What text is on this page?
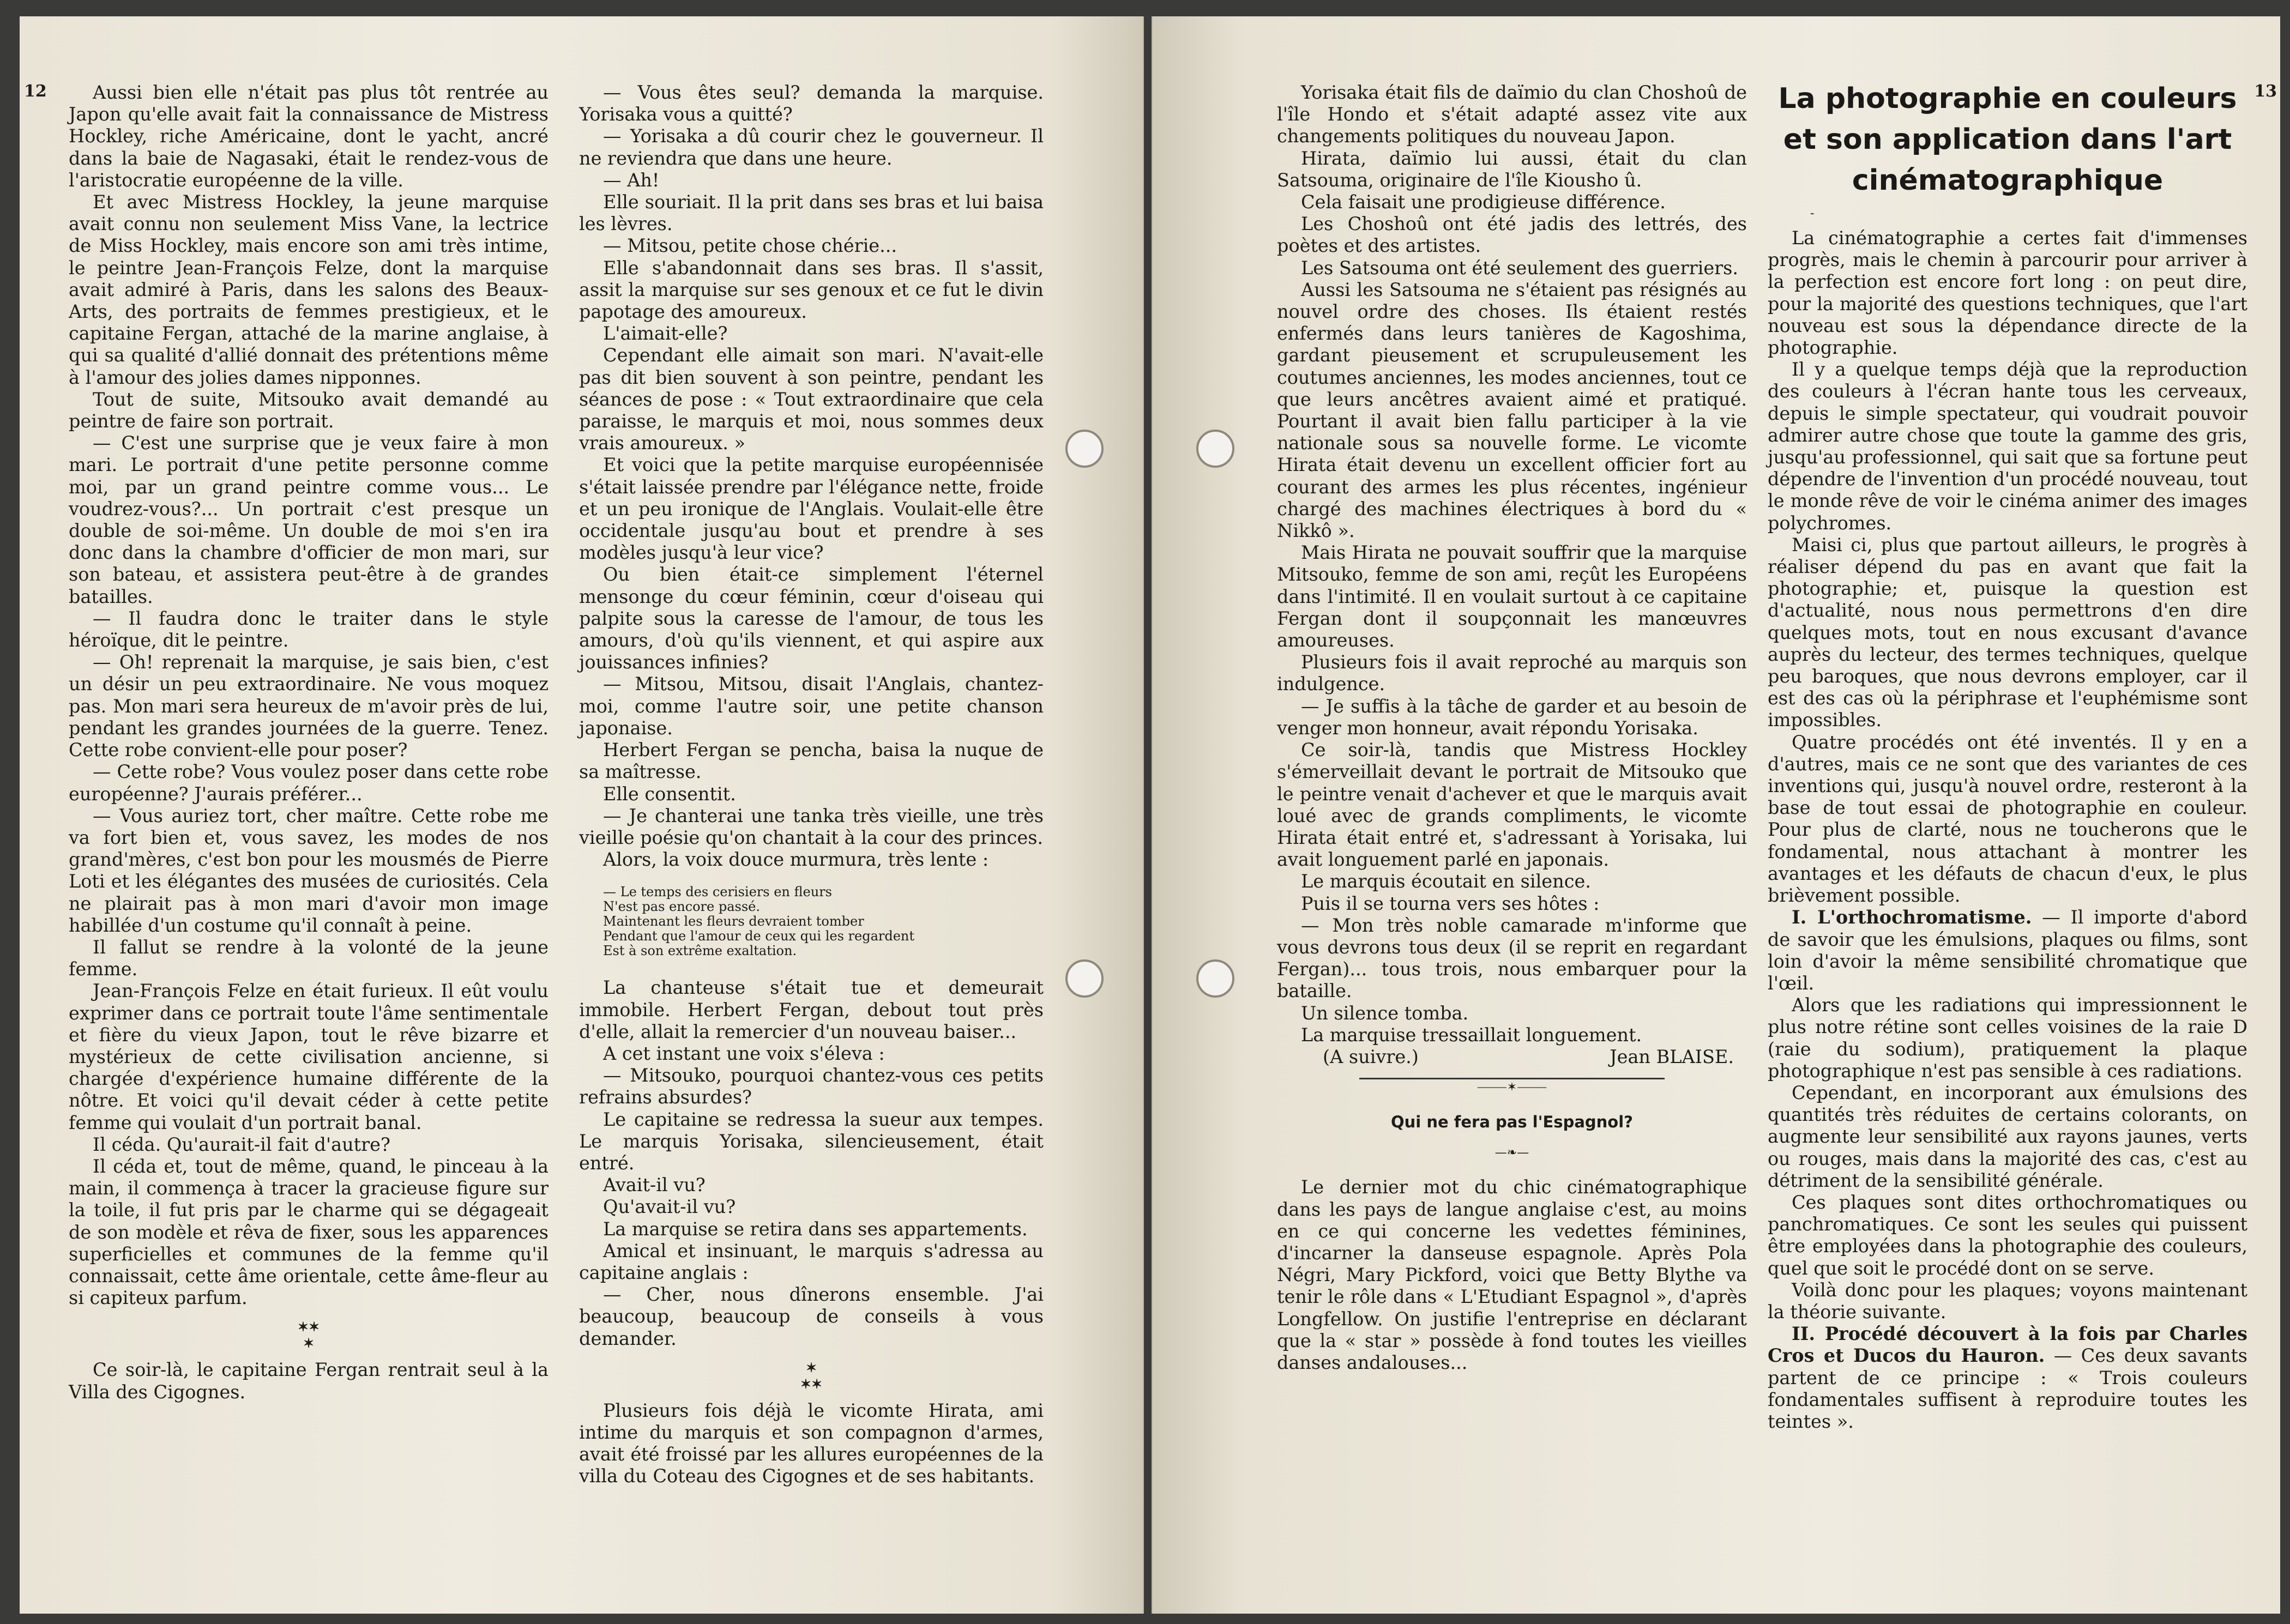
12	Aussi bien elle n'était pas plus tôt rentrée au Japon qu'elle avait fait la connaissance de Mistress Hockley, riche Américaine, dont le yacht, ancré dans la baie de Nagasaki, était le rendez-vous de l'aristocratie européenne de la ville.

Et avec Mistress Hockley, la jeune marquise avait connu non seulement Miss Vane, la lectrice de Miss Hockley, mais encore son ami très intime, le peintre Jean-François Felze, dont la marquise avait admiré à Paris, dans les salons des Beaux-Arts, des portraits de femmes prestigieux, et le capitaine Fergan, attaché de la marine anglaise, à qui sa qualité d'allié donnait des prétentions même à l'amour des jolies dames nipponnes.

Tout de suite, Mitsouko avait demandé au peintre de faire son portrait.

— C'est une surprise que je veux faire à mon mari. Le portrait d'une petite personne comme moi, par un grand peintre comme vous... Le voudrez-vous?... Un portrait c'est presque un double de soi-même. Un double de moi s'en ira donc dans la chambre d'officier de mon mari, sur son bateau, et assistera peut-être à de grandes batailles.

— Il faudra donc le traiter dans le style héroïque, dit le peintre.

— Oh! reprenait la marquise, je sais bien, c'est un désir un peu extraordinaire. Ne vous moquez pas. Mon mari sera heureux de m'avoir près de lui, pendant les grandes journées de la guerre. Tenez. Cette robe convient-elle pour poser?

— Cette robe? Vous voulez poser dans cette robe européenne? J'aurais préférer...

— Vous auriez tort, cher maître. Cette robe me va fort bien et, vous savez, les modes de nos grand'mères, c'est bon pour les mousmés de Pierre Loti et les élégantes des musées de curiosités. Cela ne plairait pas à mon mari d'avoir mon image habillée d'un costume qu'il connaît à peine.

Il fallut se rendre à la volonté de la jeune femme.

Jean-François Felze en était furieux. Il eût voulu exprimer dans ce portrait toute l'âme sentimentale et fière du vieux Japon, tout le rêve bizarre et mystérieux de cette civilisation ancienne, si chargée d'expérience humaine différente de la nôtre. Et voici qu'il devait céder à cette petite femme qui voulait d'un portrait banal.

Il céda. Qu'aurait-il fait d'autre?

Il céda et, tout de même, quand, le pinceau à la main, il commença à tracer la gracieuse figure sur la toile, il fut pris par le charme qui se dégageait de son modèle et rêva de fixer, sous les apparences superficielles et communes de la femme qu'il connaissait, cette âme orientale, cette âme-fleur au si capiteux parfum.

✶✶
✶

Ce soir-là, le capitaine Fergan rentrait seul à la Villa des Cigognes.

— Vous êtes seul? demanda la marquise. Yorisaka vous a quitté?

— Yorisaka a dû courir chez le gouverneur. Il ne reviendra que dans une heure.

— Ah!

Elle souriait. Il la prit dans ses bras et lui baisa les lèvres.

— Mitsou, petite chose chérie...

Elle s'abandonnait dans ses bras. Il s'assit, assit la marquise sur ses genoux et ce fut le divin papotage des amoureux.

L'aimait-elle?

Cependant elle aimait son mari. N'avait-elle pas dit bien souvent à son peintre, pendant les séances de pose : « Tout extraordinaire que cela paraisse, le marquis et moi, nous sommes deux vrais amoureux. »

Et voici que la petite marquise européennisée s'était laissée prendre par l'élégance nette, froide et un peu ironique de l'Anglais. Voulait-elle être occidentale jusqu'au bout et prendre à ses modèles jusqu'à leur vice?

Ou bien était-ce simplement l'éternel mensonge du cœur féminin, cœur d'oiseau qui palpite sous la caresse de l'amour, de tous les amours, d'où qu'ils viennent, et qui aspire aux jouissances infinies?

— Mitsou, Mitsou, disait l'Anglais, chantez-moi, comme l'autre soir, une petite chanson japonaise.

Herbert Fergan se pencha, baisa la nuque de sa maîtresse.

Elle consentit.

— Je chanterai une tanka très vieille, une très vieille poésie qu'on chantait à la cour des princes.

Alors, la voix douce murmura, très lente :

— Le temps des cerisiers en fleurs
N'est pas encore passé.
Maintenant les fleurs devraient tomber
Pendant que l'amour de ceux qui les regardent
Est à son extrême exaltation.

La chanteuse s'était tue et demeurait immobile. Herbert Fergan, debout tout près d'elle, allait la remercier d'un nouveau baiser...

A cet instant une voix s'éleva :

— Mitsouko, pourquoi chantez-vous ces petits refrains absurdes?

Le capitaine se redressa la sueur aux tempes. Le marquis Yorisaka, silencieusement, était entré.

Avait-il vu?

Qu'avait-il vu?

La marquise se retira dans ses appartements.

Amical et insinuant, le marquis s'adressa au capitaine anglais :

— Cher, nous dînerons ensemble. J'ai beaucoup, beaucoup de conseils à vous demander.

✶
✶✶

Plusieurs fois déjà le vicomte Hirata, ami intime du marquis et son compagnon d'armes, avait été froissé par les allures européennes de la villa du Coteau des Cigognes et de ses habitants.

13

Yorisaka était fils de daïmio du clan Choshoû de l'île Hondo et s'était adapté assez vite aux changements politiques du nouveau Japon.

Hirata, daïmio lui aussi, était du clan Satsouma, originaire de l'île Kiousho û.

Cela faisait une prodigieuse différence.

Les Choshoû ont été jadis des lettrés, des poètes et des artistes.

Les Satsouma ont été seulement des guerriers.

Aussi les Satsouma ne s'étaient pas résignés au nouvel ordre des choses. Ils étaient restés enfermés dans leurs tanières de Kagoshima, gardant pieusement et scrupuleusement les coutumes anciennes, les modes anciennes, tout ce que leurs ancêtres avaient aimé et pratiqué. Pourtant il avait bien fallu participer à la vie nationale sous sa nouvelle forme. Le vicomte Hirata était devenu un excellent officier fort au courant des armes les plus récentes, ingénieur chargé des machines électriques à bord du « Nikkô ».

Mais Hirata ne pouvait souffrir que la marquise Mitsouko, femme de son ami, reçût les Européens dans l'intimité. Il en voulait surtout à ce capitaine Fergan dont il soupçonnait les manœuvres amoureuses.

Plusieurs fois il avait reproché au marquis son indulgence.

— Je suffis à la tâche de garder et au besoin de venger mon honneur, avait répondu Yorisaka.

Ce soir-là, tandis que Mistress Hockley s'émerveillait devant le portrait de Mitsouko que le peintre venait d'achever et que le marquis avait loué avec de grands compliments, le vicomte Hirata était entré et, s'adressant à Yorisaka, lui avait longuement parlé en japonais.

Le marquis écoutait en silence.

Puis il se tourna vers ses hôtes :

— Mon très noble camarade m'informe que vous devrons tous deux (il se reprit en regardant Fergan)... tous trois, nous embarquer pour la bataille.

Un silence tomba.

La marquise tressaillait longuement.

(A suivre.)	Jean BLAISE.

⸻✶⸻
Qui ne fera pas l'Espagnol?
—❧—

Le dernier mot du chic cinématographique dans les pays de langue anglaise c'est, au moins en ce qui concerne les vedettes féminines, d'incarner la danseuse espagnole. Après Pola Négri, Mary Pickford, voici que Betty Blythe va tenir le rôle dans « L'Etudiant Espagnol », d'après Longfellow. On justifie l'entreprise en déclarant que la « star » possède à fond toutes les vieilles danses andalouses...

La photographie en couleurs et son application dans l'art cinématographique
-

La cinématographie a certes fait d'immenses progrès, mais le chemin à parcourir pour arriver à la perfection est encore fort long : on peut dire, pour la majorité des questions techniques, que l'art nouveau est sous la dépendance directe de la photographie.

Il y a quelque temps déjà que la reproduction des couleurs à l'écran hante tous les cerveaux, depuis le simple spectateur, qui voudrait pouvoir admirer autre chose que toute la gamme des gris, jusqu'au professionnel, qui sait que sa fortune peut dépendre de l'invention d'un procédé nouveau, tout le monde rêve de voir le cinéma animer des images polychromes.

Maisi ci, plus que partout ailleurs, le progrès à réaliser dépend du pas en avant que fait la photographie; et, puisque la question est d'actualité, nous nous permettrons d'en dire quelques mots, tout en nous excusant d'avance auprès du lecteur, des termes techniques, quelque peu baroques, que nous devrons employer, car il est des cas où la périphrase et l'euphémisme sont impossibles.

Quatre procédés ont été inventés. Il y en a d'autres, mais ce ne sont que des variantes de ces inventions qui, jusqu'à nouvel ordre, resteront à la base de tout essai de photographie en couleur. Pour plus de clarté, nous ne toucherons que le fondamental, nous attachant à montrer les avantages et les défauts de chacun d'eux, le plus brièvement possible.

I. L'orthochromatisme. — Il importe d'abord de savoir que les émulsions, plaques ou films, sont loin d'avoir la même sensibilité chromatique que l'œil.

Alors que les radiations qui impressionnent le plus notre rétine sont celles voisines de la raie D (raie du sodium), pratiquement la plaque photographique n'est pas sensible à ces radiations.

Cependant, en incorporant aux émulsions des quantités très réduites de certains colorants, on augmente leur sensibilité aux rayons jaunes, verts ou rouges, mais dans la majorité des cas, c'est au détriment de la sensibilité générale.

Ces plaques sont dites orthochromatiques ou panchromatiques. Ce sont les seules qui puissent être employées dans la photographie des couleurs, quel que soit le procédé dont on se serve.

Voilà donc pour les plaques; voyons maintenant la théorie suivante.

II. Procédé découvert à la fois par Charles Cros et Ducos du Hauron. — Ces deux savants partent de ce principe : « Trois couleurs fondamentales suffisent à reproduire toutes les teintes ».
